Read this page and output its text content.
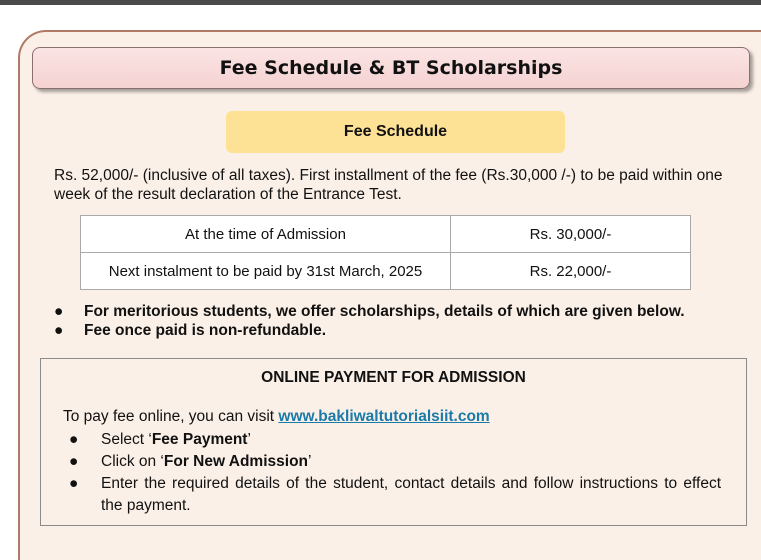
Fee Schedule & BT Scholarships
Fee Schedule
Rs. 52,000/- (inclusive of all taxes). First installment of the fee (Rs.30,000 /-) to be paid within one week of the result declaration of the Entrance Test.
At the time of Admission	Rs. 30,000/-
Next instalment to be paid by 31st March, 2025	Rs. 22,000/-
● For meritorious students, we offer scholarships, details of which are given below.
● Fee once paid is non-refundable.
ONLINE PAYMENT FOR ADMISSION
To pay fee online, you can visit www.bakliwaltutorialsiit.com
● Select ‘Fee Payment’
● Click on ‘For New Admission’
● Enter the required details of the student, contact details and follow instructions to effect the payment.
